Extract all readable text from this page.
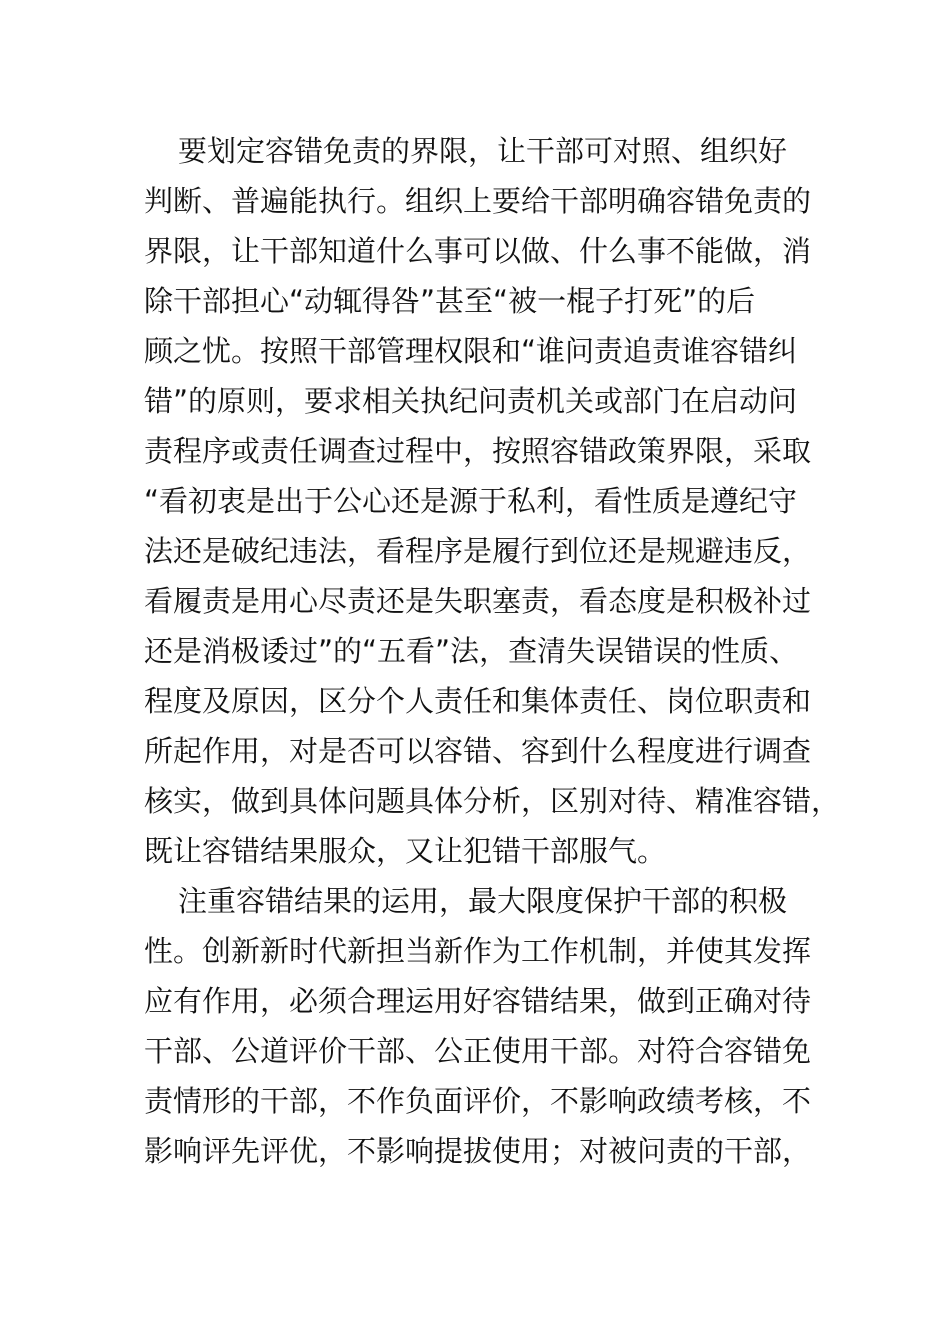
要划定容错免责的界限，让干部可对照、组织好
判断、普遍能执行。组织上要给干部明确容错免责的
界限，让干部知道什么事可以做、什么事不能做，消
除干部担心“动辄得咎”甚至“被一棍子打死”的后
顾之忧。按照干部管理权限和“谁问责追责谁容错纠
错”的原则，要求相关执纪问责机关或部门在启动问
责程序或责任调查过程中，按照容错政策界限，采取
“看初衷是出于公心还是源于私利，看性质是遵纪守
法还是破纪违法，看程序是履行到位还是规避违反，
看履责是用心尽责还是失职塞责，看态度是积极补过
还是消极诿过”的“五看”法，查清失误错误的性质、
程度及原因，区分个人责任和集体责任、岗位职责和
所起作用，对是否可以容错、容到什么程度进行调查
核实，做到具体问题具体分析，区别对待、精准容错，
既让容错结果服众，又让犯错干部服气。
注重容错结果的运用，最大限度保护干部的积极
性。创新新时代新担当新作为工作机制，并使其发挥
应有作用，必须合理运用好容错结果，做到正确对待
干部、公道评价干部、公正使用干部。对符合容错免
责情形的干部，不作负面评价，不影响政绩考核，不
影响评先评优，不影响提拔使用；对被问责的干部，
